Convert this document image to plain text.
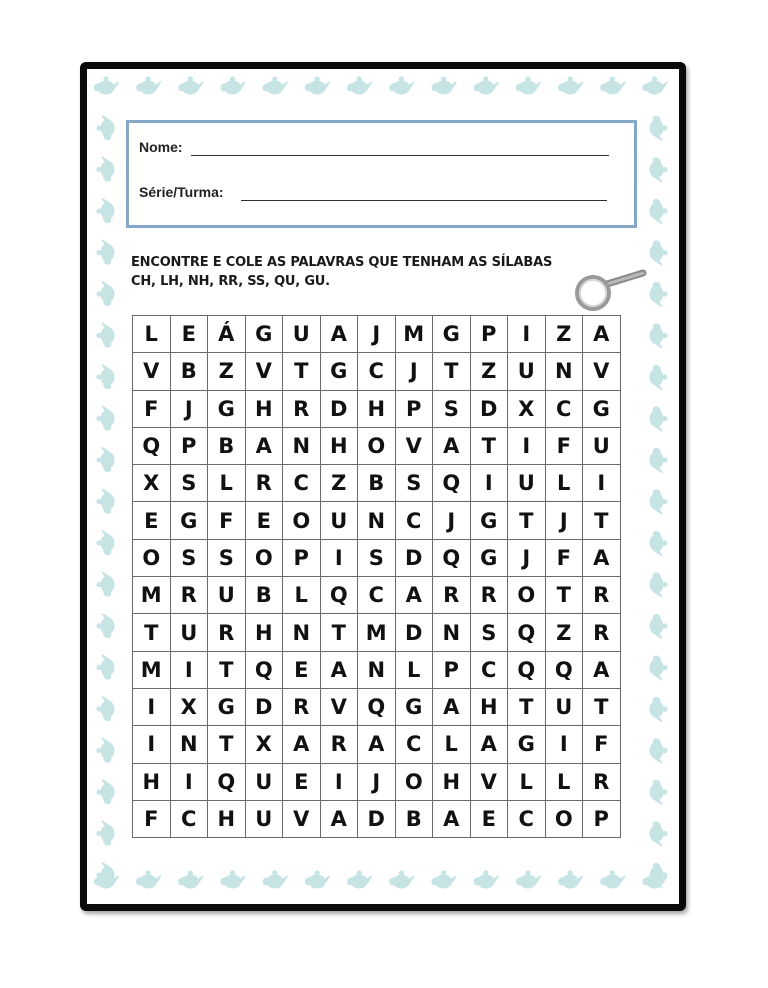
Nome:
Série/Turma:
ENCONTRE E COLE AS PALAVRAS QUE TENHAM AS SÍLABAS
CH, LH, NH, RR, SS, QU, GU.
L	E	Á	G	U	A	J	M	G	P	I	Z	A
V	B	Z	V	T	G	C	J	T	Z	U	N	V
F	J	G	H	R	D	H	P	S	D	X	C	G
Q	P	B	A	N	H	O	V	A	T	I	F	U
X	S	L	R	C	Z	B	S	Q	I	U	L	I
E	G	F	E	O	U	N	C	J	G	T	J	T
O	S	S	O	P	I	S	D	Q	G	J	F	A
M	R	U	B	L	Q	C	A	R	R	O	T	R
T	U	R	H	N	T	M	D	N	S	Q	Z	R
M	I	T	Q	E	A	N	L	P	C	Q	Q	A
I	X	G	D	R	V	Q	G	A	H	T	U	T
I	N	T	X	A	R	A	C	L	A	G	I	F
H	I	Q	U	E	I	J	O	H	V	L	L	R
F	C	H	U	V	A	D	B	A	E	C	O	P
